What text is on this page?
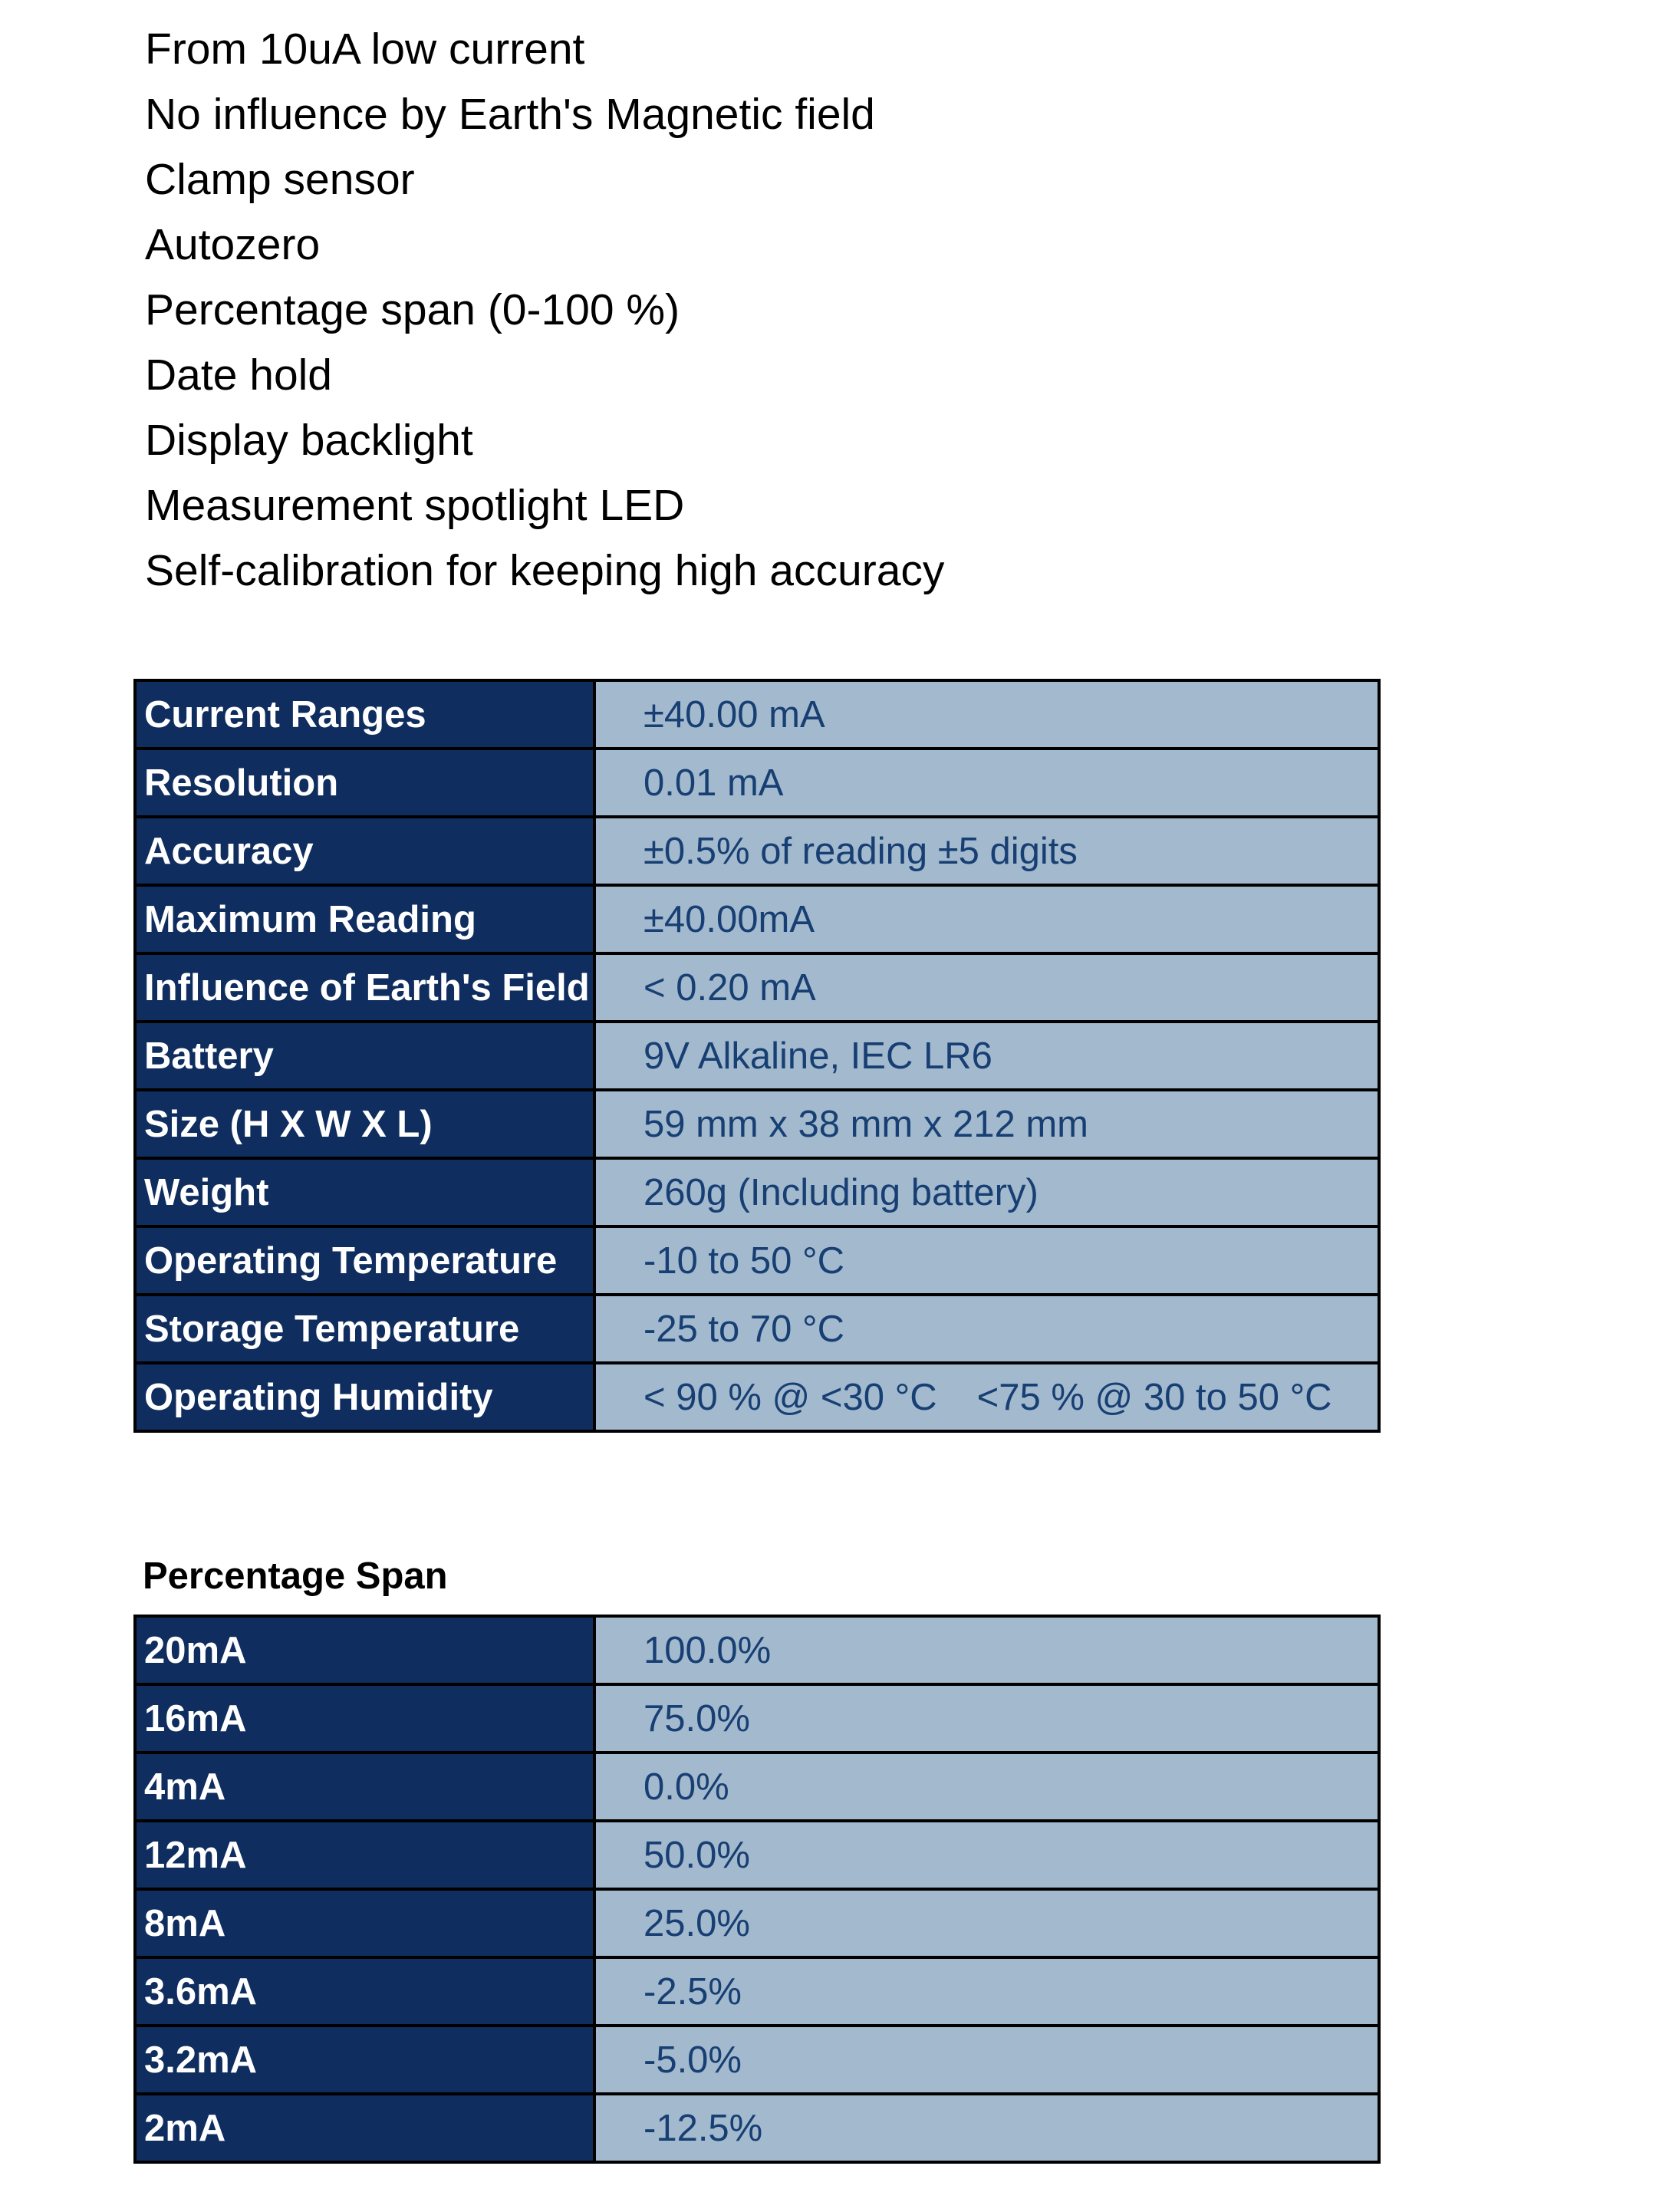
From 10uA low current
No influence by Earth's Magnetic field
Clamp sensor
Autozero
Percentage span (0-100 %)
Date hold
Display backlight
Measurement spotlight LED
Self-calibration for keeping high accuracy
Current Ranges	±40.00 mA
Resolution	0.01 mA
Accuracy	±0.5% of reading ±5 digits
Maximum Reading	±40.00mA
Influence of Earth's Field	< 0.20 mA
Battery	9V Alkaline, IEC LR6
Size (H X W X L)	59 mm x 38 mm x 212 mm
Weight	260g (Including battery)
Operating Temperature	-10 to 50 °C
Storage Temperature	-25 to 70 °C
Operating Humidity	< 90 % @ <30 °C <75 % @ 30 to 50 °C
Percentage Span
20mA	100.0%
16mA	75.0%
4mA	0.0%
12mA	50.0%
8mA	25.0%
3.6mA	-2.5%
3.2mA	-5.0%
2mA	-12.5%
